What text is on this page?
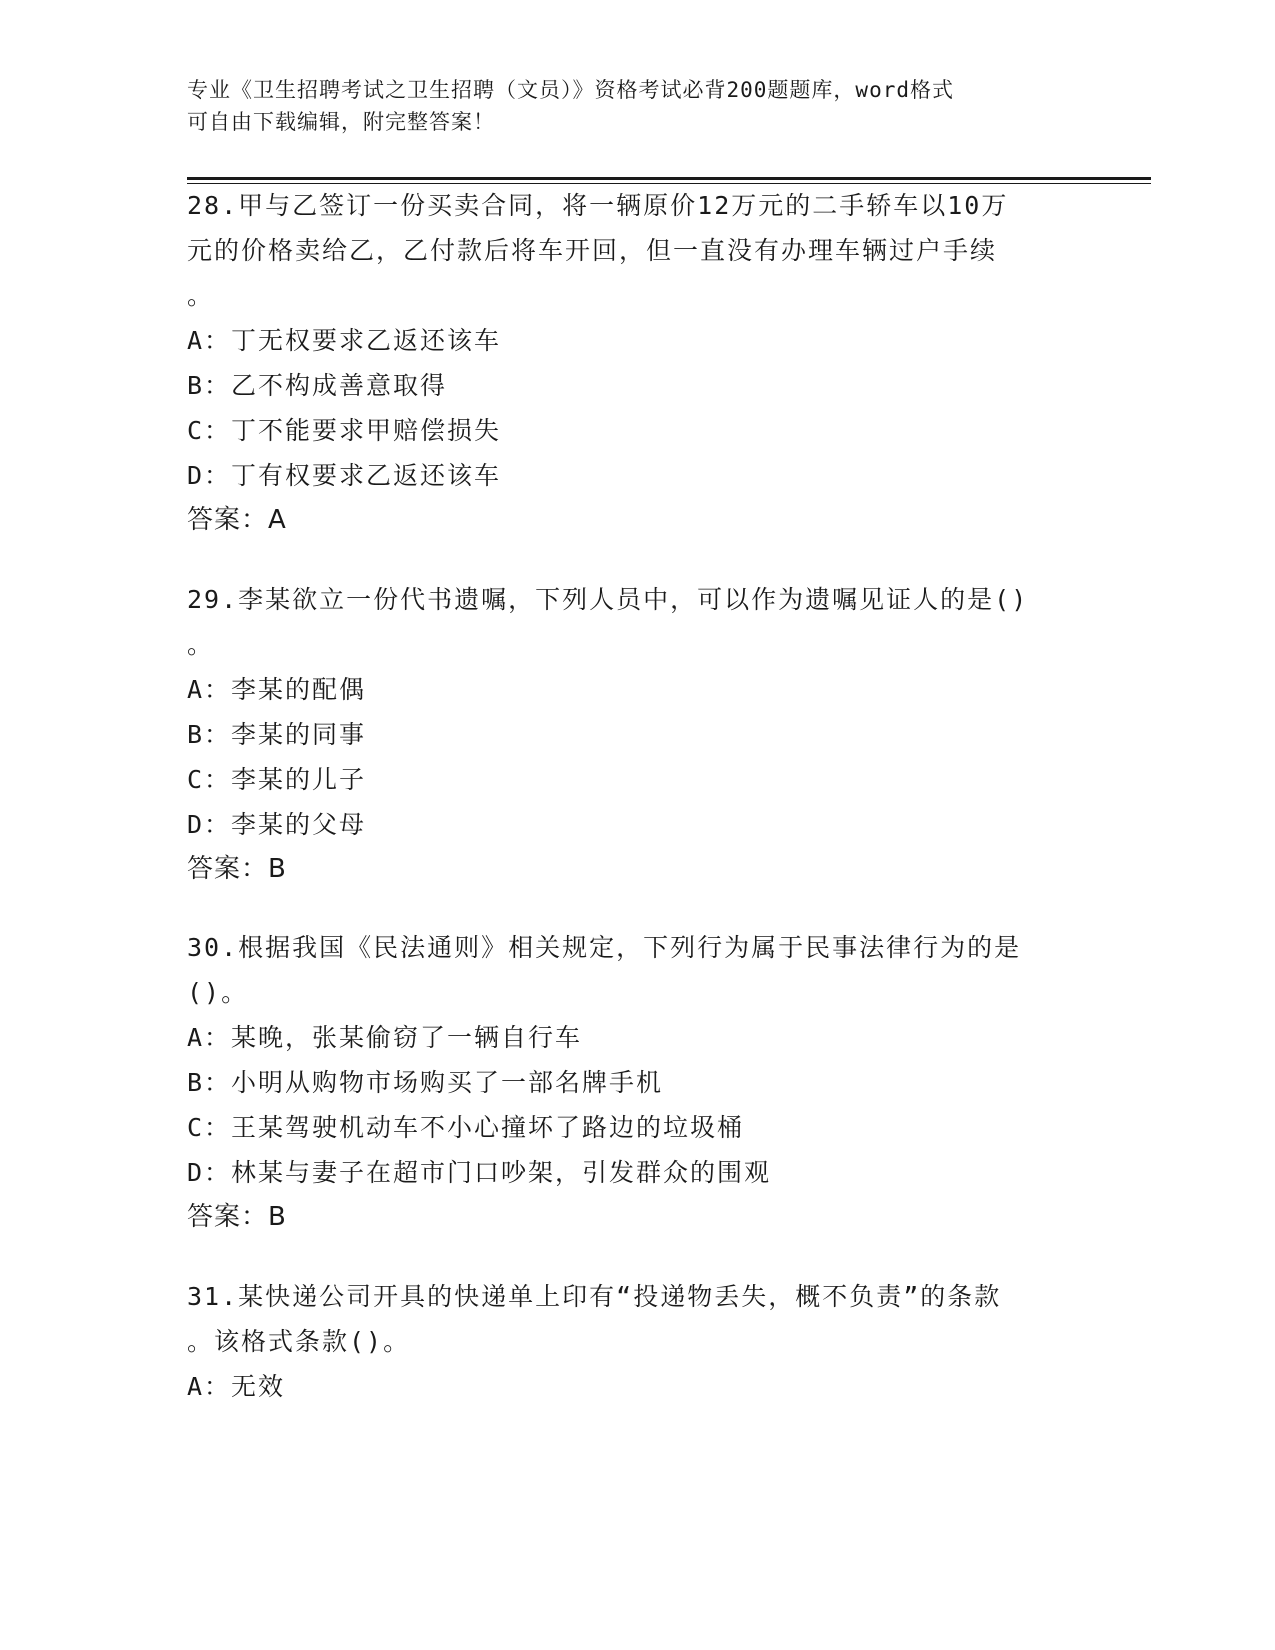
专业《卫生招聘考试之卫生招聘（文员）》资格考试必背200题题库，word格式
可自由下载编辑，附完整答案！
28.甲与乙签订一份买卖合同，将一辆原价12万元的二手轿车以10万
元的价格卖给乙，乙付款后将车开回，但一直没有办理车辆过户手续
。
A：丁无权要求乙返还该车
B：乙不构成善意取得
C：丁不能要求甲赔偿损失
D：丁有权要求乙返还该车
答案：A
29.李某欲立一份代书遗嘱，下列人员中，可以作为遗嘱见证人的是()
。
A：李某的配偶
B：李某的同事
C：李某的儿子
D：李某的父母
答案：B
30.根据我国《民法通则》相关规定，下列行为属于民事法律行为的是
()。
A：某晚，张某偷窃了一辆自行车
B：小明从购物市场购买了一部名牌手机
C：王某驾驶机动车不小心撞坏了路边的垃圾桶
D：林某与妻子在超市门口吵架，引发群众的围观
答案：B
31.某快递公司开具的快递单上印有“投递物丢失，概不负责”的条款
。该格式条款()。
A：无效
